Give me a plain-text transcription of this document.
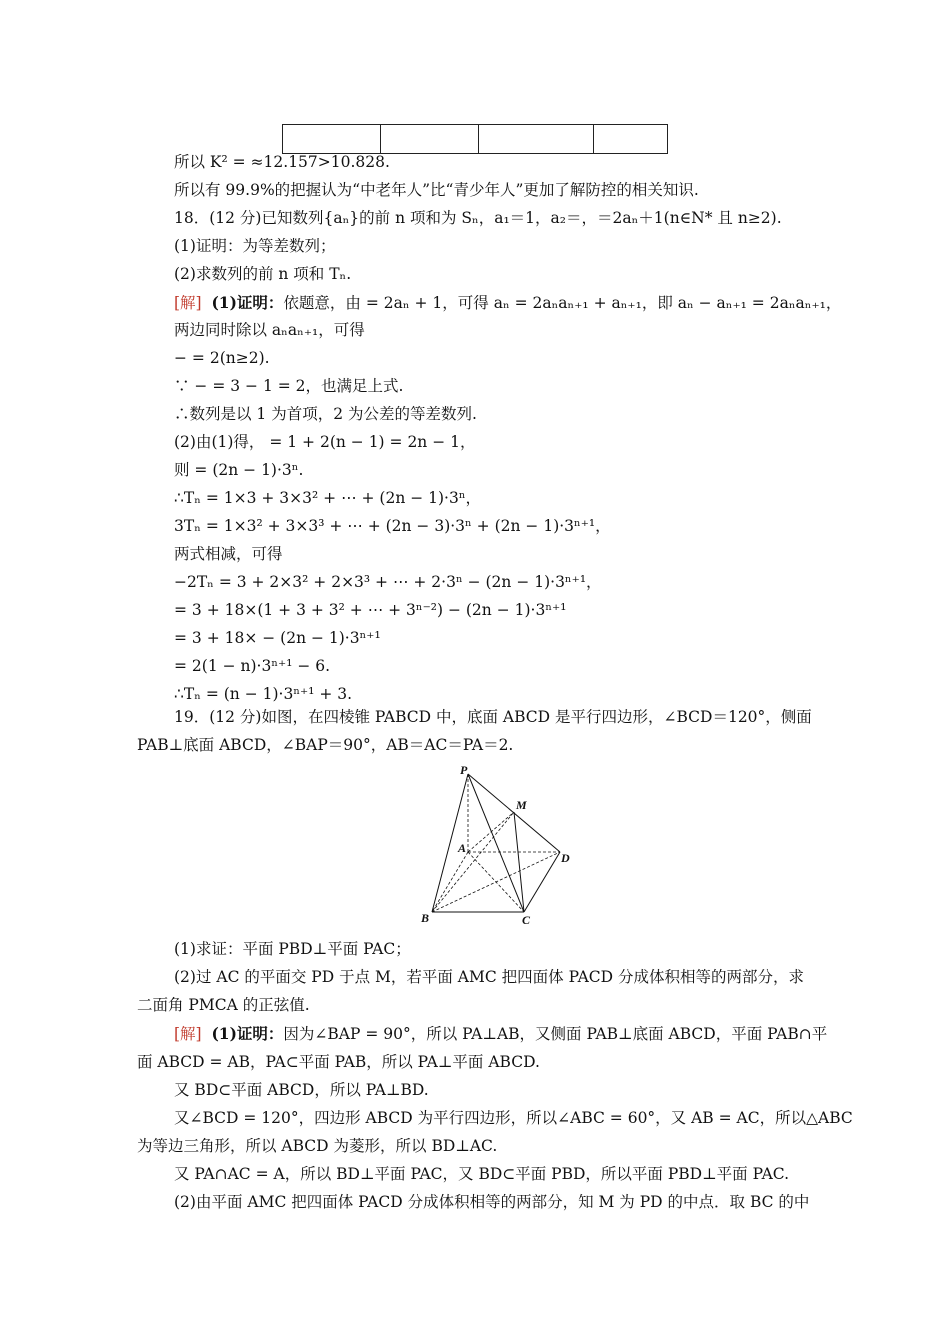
所以 K² = ≈12.157>10.828.
所以有 99.9%的把握认为“中老年人”比“青少年人”更加了解防控的相关知识.
18．(12 分)已知数列{aₙ}的前 n 项和为 Sₙ，a₁＝1，a₂＝，＝2aₙ＋1(n∈N* 且 n≥2).
(1)证明：为等差数列；
(2)求数列的前 n 项和 Tₙ.
[解] (1)证明：依题意，由 = 2aₙ + 1，可得 aₙ = 2aₙaₙ₊₁ + aₙ₊₁，即 aₙ − aₙ₊₁ = 2aₙaₙ₊₁，
两边同时除以 aₙaₙ₊₁，可得
− = 2(n≥2).
∵ − = 3 − 1 = 2，也满足上式.
∴数列是以 1 为首项，2 为公差的等差数列.
(2)由(1)得， = 1 + 2(n − 1) = 2n − 1，
则 = (2n − 1)·3ⁿ.
∴Tₙ = 1×3 + 3×3² + ⋯ + (2n − 1)·3ⁿ，
3Tₙ = 1×3² + 3×3³ + ⋯ + (2n − 3)·3ⁿ + (2n − 1)·3ⁿ⁺¹，
两式相减，可得
−2Tₙ = 3 + 2×3² + 2×3³ + ⋯ + 2·3ⁿ − (2n − 1)·3ⁿ⁺¹，
= 3 + 18×(1 + 3 + 3² + ⋯ + 3ⁿ⁻²) − (2n − 1)·3ⁿ⁺¹
= 3 + 18× − (2n − 1)·3ⁿ⁺¹
= 2(1 − n)·3ⁿ⁺¹ − 6.
∴Tₙ = (n − 1)·3ⁿ⁺¹ + 3.
19．(12 分)如图，在四棱锥 PABCD 中，底面 ABCD 是平行四边形，∠BCD＝120°，侧面
PAB⊥底面 ABCD，∠BAP＝90°，AB＝AC＝PA＝2.
(1)求证：平面 PBD⊥平面 PAC；
(2)过 AC 的平面交 PD 于点 M，若平面 AMC 把四面体 PACD 分成体积相等的两部分，求
二面角 PMCA 的正弦值.
[解] (1)证明：因为∠BAP = 90°，所以 PA⊥AB，又侧面 PAB⊥底面 ABCD，平面 PAB∩平
面 ABCD = AB，PA⊂平面 PAB，所以 PA⊥平面 ABCD.
又 BD⊂平面 ABCD，所以 PA⊥BD.
又∠BCD = 120°，四边形 ABCD 为平行四边形，所以∠ABC = 60°，又 AB = AC，所以△ABC
为等边三角形，所以 ABCD 为菱形，所以 BD⊥AC.
又 PA∩AC = A，所以 BD⊥平面 PAC，又 BD⊂平面 PBD，所以平面 PBD⊥平面 PAC.
(2)由平面 AMC 把四面体 PACD 分成体积相等的两部分，知 M 为 PD 的中点．取 BC 的中
P
M
A
D
B	C
